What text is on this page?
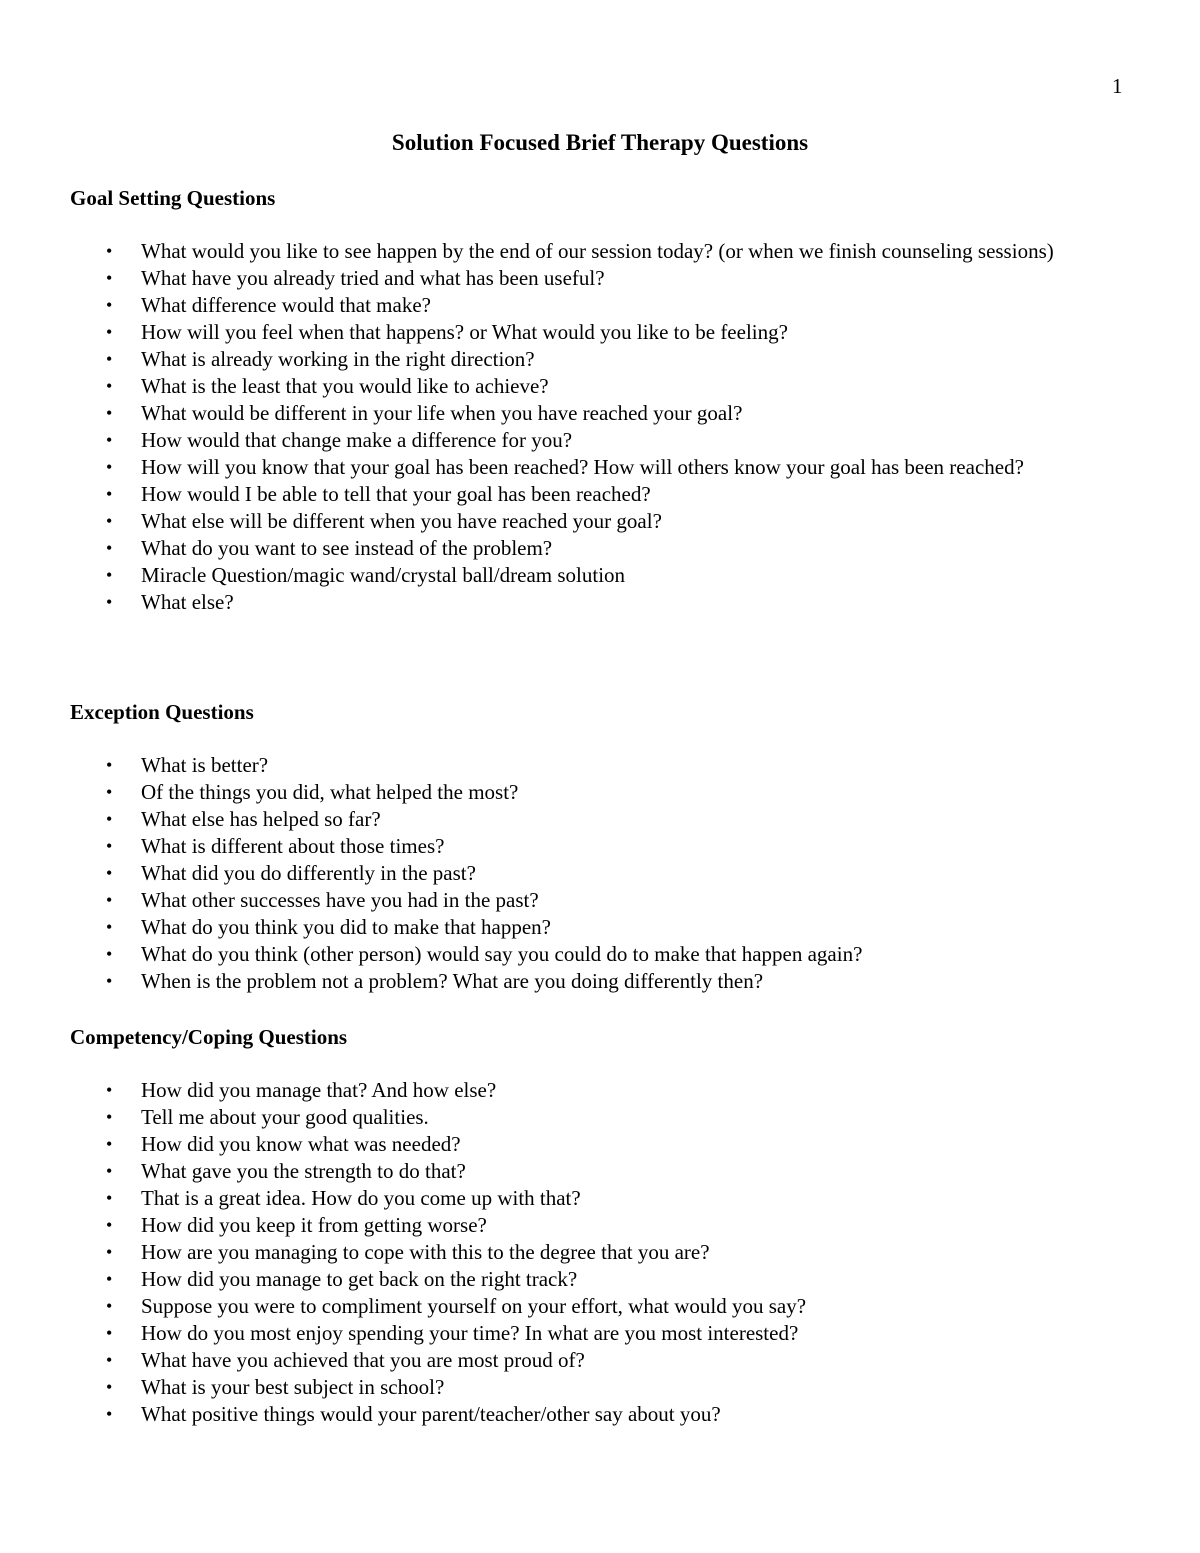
1
Solution Focused Brief Therapy Questions
Goal Setting Questions
• What would you like to see happen by the end of our session today? (or when we finish counseling sessions)
• What have you already tried and what has been useful?
• What difference would that make?
• How will you feel when that happens? or What would you like to be feeling?
• What is already working in the right direction?
• What is the least that you would like to achieve?
• What would be different in your life when you have reached your goal?
• How would that change make a difference for you?
• How will you know that your goal has been reached? How will others know your goal has been reached?
• How would I be able to tell that your goal has been reached?
• What else will be different when you have reached your goal?
• What do you want to see instead of the problem?
• Miracle Question/magic wand/crystal ball/dream solution
• What else?
Exception Questions
• What is better?
• Of the things you did, what helped the most?
• What else has helped so far?
• What is different about those times?
• What did you do differently in the past?
• What other successes have you had in the past?
• What do you think you did to make that happen?
• What do you think (other person) would say you could do to make that happen again?
• When is the problem not a problem? What are you doing differently then?
Competency/Coping Questions
• How did you manage that? And how else?
• Tell me about your good qualities.
• How did you know what was needed?
• What gave you the strength to do that?
• That is a great idea. How do you come up with that?
• How did you keep it from getting worse?
• How are you managing to cope with this to the degree that you are?
• How did you manage to get back on the right track?
• Suppose you were to compliment yourself on your effort, what would you say?
• How do you most enjoy spending your time? In what are you most interested?
• What have you achieved that you are most proud of?
• What is your best subject in school?
• What positive things would your parent/teacher/other say about you?
